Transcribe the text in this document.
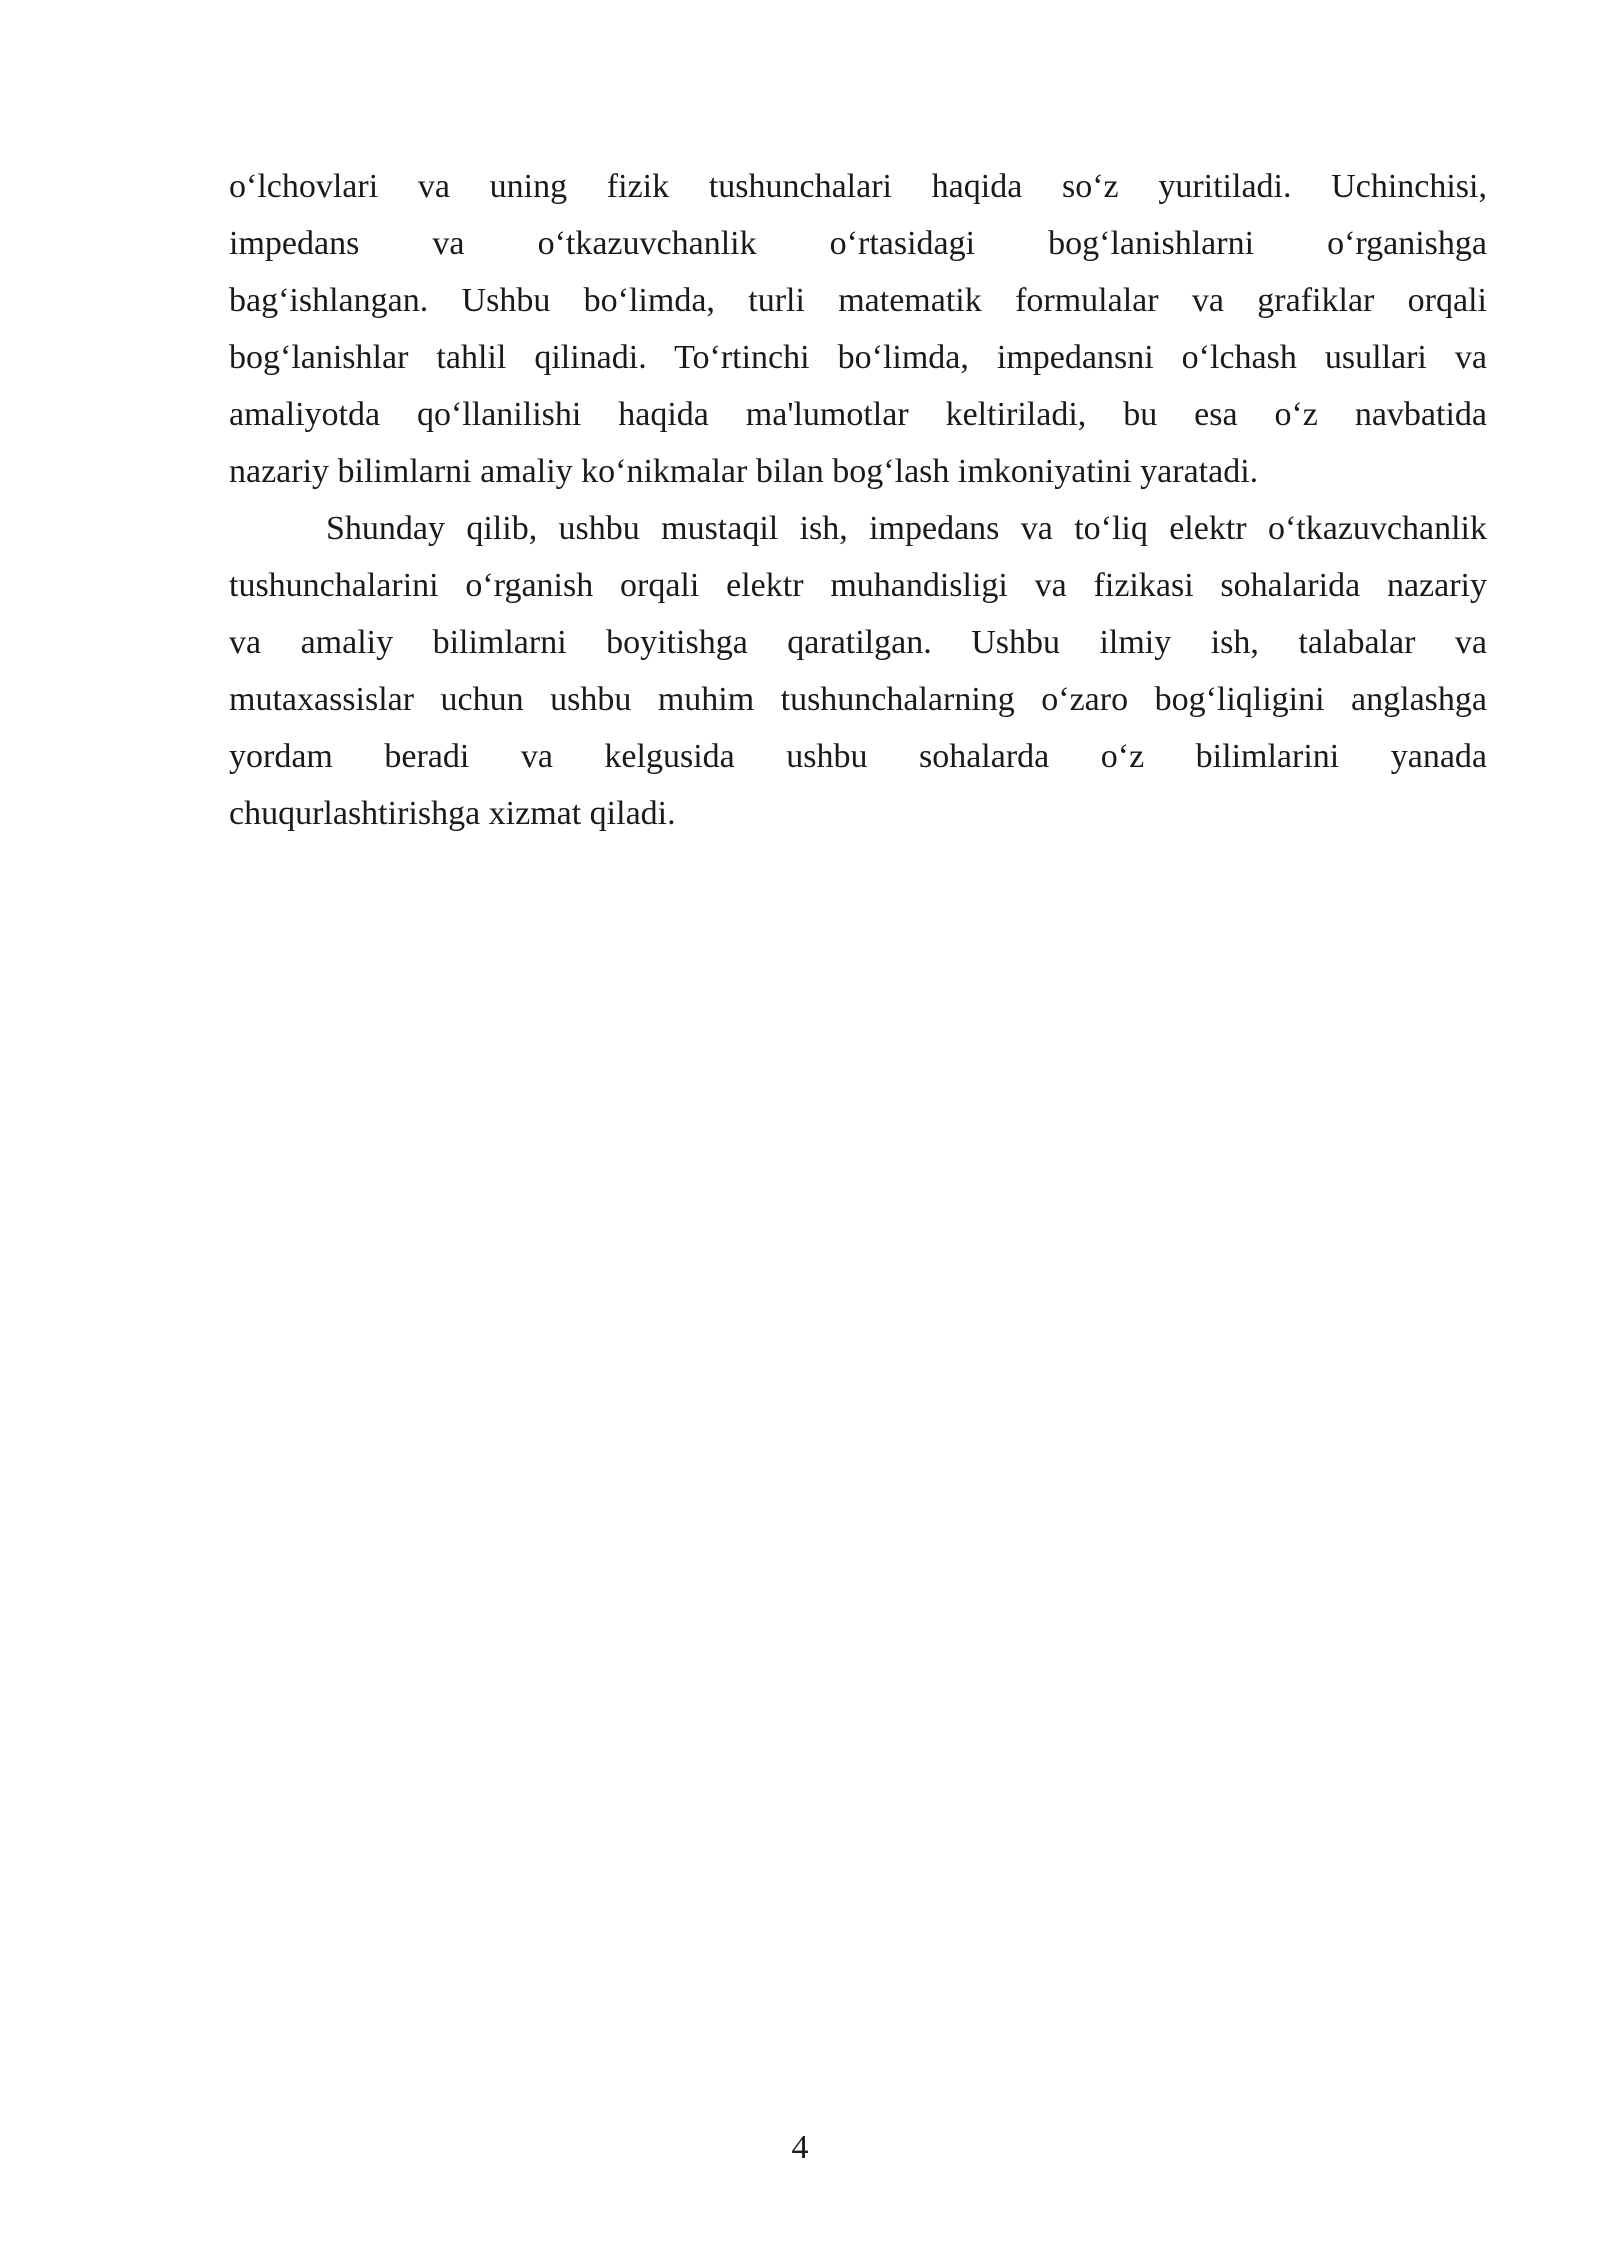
o‘lchovlari va uning fizik tushunchalari haqida so‘z yuritiladi. Uchinchisi,
impedans va o‘tkazuvchanlik o‘rtasidagi bog‘lanishlarni o‘rganishga
bag‘ishlangan. Ushbu bo‘limda, turli matematik formulalar va grafiklar orqali
bog‘lanishlar tahlil qilinadi. To‘rtinchi bo‘limda, impedansni o‘lchash usullari va
amaliyotda qo‘llanilishi haqida ma'lumotlar keltiriladi, bu esa o‘z navbatida
nazariy bilimlarni amaliy ko‘nikmalar bilan bog‘lash imkoniyatini yaratadi.
Shunday qilib, ushbu mustaqil ish, impedans va to‘liq elektr o‘tkazuvchanlik
tushunchalarini o‘rganish orqali elektr muhandisligi va fizikasi sohalarida nazariy
va amaliy bilimlarni boyitishga qaratilgan. Ushbu ilmiy ish, talabalar va
mutaxassislar uchun ushbu muhim tushunchalarning o‘zaro bog‘liqligini anglashga
yordam beradi va kelgusida ushbu sohalarda o‘z bilimlarini yanada
chuqurlashtirishga xizmat qiladi.
4
